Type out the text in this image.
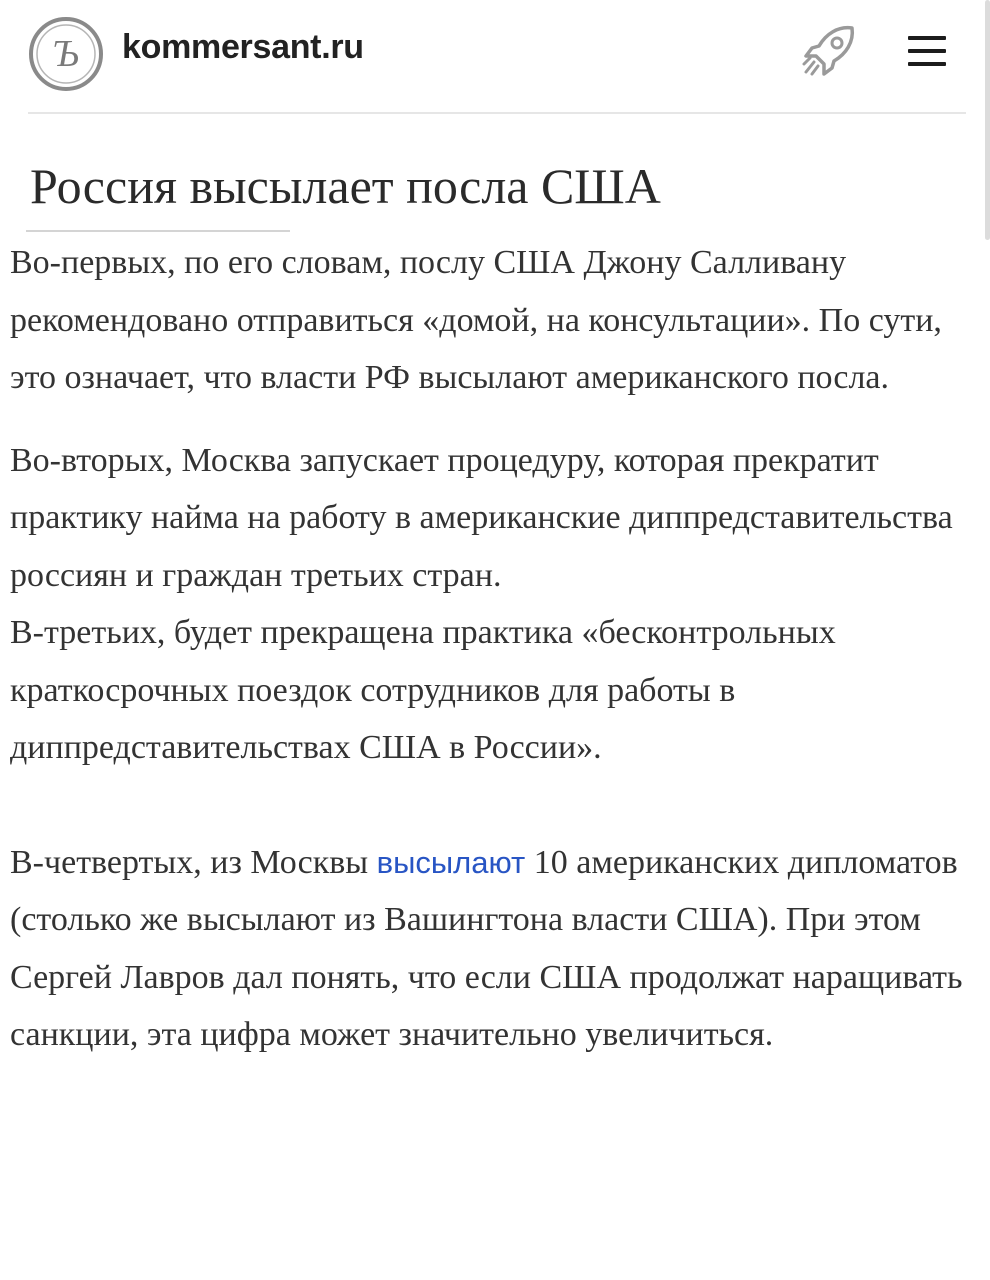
Ъ kommersant.ru
Россия высылает посла США

Во-первых, по его словам, послу США Джону Салливану рекомендовано отправиться «домой, на консультации». По сути, это означает, что власти РФ высылают американского посла.

Во-вторых, Москва запускает процедуру, которая прекратит практику найма на работу в американские диппредставительства россиян и граждан третьих стран.

В-третьих, будет прекращена практика «бесконтрольных краткосрочных поездок сотрудников для работы в диппредставительствах США в России».

В-четвертых, из Москвы высылают 10 американских дипломатов (столько же высылают из Вашингтона власти США). При этом Сергей Лавров дал понять, что если США продолжат наращивать санкции, эта цифра может значительно увеличиться.
